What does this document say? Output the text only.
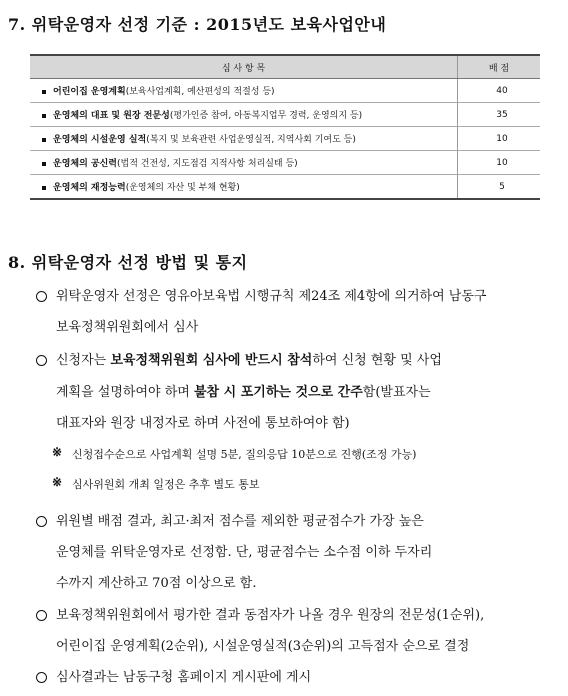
7. 위탁운영자 선정 기준 : 2015년도 보육사업안내
심 사 항 목	배 점
어린이집 운영계획(보육사업계획, 예산편성의 적절성 등)	40
운영체의 대표 및 원장 전문성(평가인증 참여, 아동복지업무 경력, 운영의지 등)	35
운영체의 시설운영 실적(복지 및 보육관련 사업운영실적, 지역사회 기여도 등)	10
운영체의 공신력(법적 건전성, 지도점검 지적사항 처리실태 등)	10
운영체의 재정능력(운영체의 자산 및 부채 현황)	5
8. 위탁운영자 선정 방법 및 통지
위탁운영자 선정은 영유아보육법 시행규칙 제24조 제4항에 의거하여 남동구
보육정책위원회에서 심사
신청자는 보육정책위원회 심사에 반드시 참석하여 신청 현황 및 사업
계획을 설명하여야 하며 불참 시 포기하는 것으로 간주함(발표자는
대표자와 원장 내정자로 하며 사전에 통보하여야 함)
※ 신청접수순으로 사업계획 설명 5분, 질의응답 10분으로 진행(조정 가능)
※ 심사위원회 개최 일정은 추후 별도 통보
위원별 배점 결과, 최고·최저 점수를 제외한 평균점수가 가장 높은
운영체를 위탁운영자로 선정함. 단, 평균점수는 소수점 이하 두자리
수까지 계산하고 70점 이상으로 함.
보육정책위원회에서 평가한 결과 동점자가 나올 경우 원장의 전문성(1순위),
어린이집 운영계획(2순위), 시설운영실적(3순위)의 고득점자 순으로 결정
심사결과는 남동구청 홈페이지 게시판에 게시
